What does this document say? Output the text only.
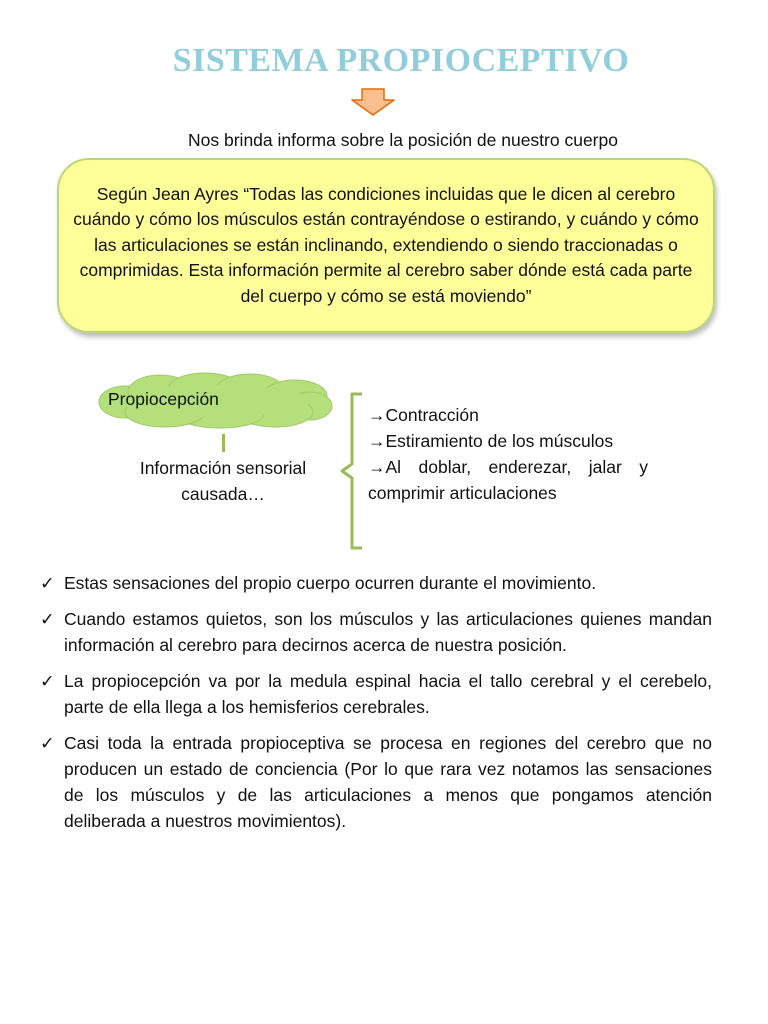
SISTEMA PROPIOCEPTIVO
Nos brinda informa sobre la posición de nuestro cuerpo
Según Jean Ayres “Todas las condiciones incluidas que le dicen al cerebro cuándo y cómo los músculos están contrayéndose o estirando, y cuándo y cómo las articulaciones se están inclinando, extendiendo o siendo traccionadas o comprimidas. Esta información permite al cerebro saber dónde está cada parte del cuerpo y cómo se está moviendo”
Propiocepción
Información sensorial causada…
→Contracción
→Estiramiento de los músculos
→Al doblar, enderezar, jalar y comprimir articulaciones
✓ Estas sensaciones del propio cuerpo ocurren durante el movimiento.
✓ Cuando estamos quietos, son los músculos y las articulaciones quienes mandan información al cerebro para decirnos acerca de nuestra posición.
✓ La propiocepción va por la medula espinal hacia el tallo cerebral y el cerebelo, parte de ella llega a los hemisferios cerebrales.
✓ Casi toda la entrada propioceptiva se procesa en regiones del cerebro que no producen un estado de conciencia (Por lo que rara vez notamos las sensaciones de los músculos y de las articulaciones a menos que pongamos atención deliberada a nuestros movimientos).
